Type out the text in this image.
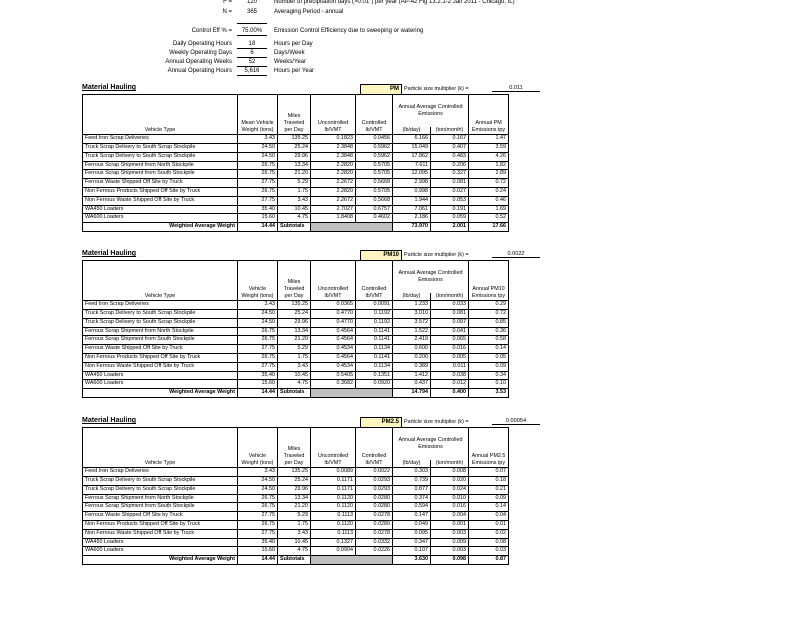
F =	120	Number of precipitation days (>0.01") per year (AP-42 Fig 13.2.1-2 Jan 2011 - Chicago, IL)
N =	365	Averaging Period - annual
Control Eff % =	75.00%	Emission Control Efficiency due to sweeping or watering
Daily Operating Hours	18	Hours per Day
Weekly Operating Days	6	Days/Week
Annual Operating Weeks	52	Weeks/Year
Annual Operating Hours	5,616	Hours per Year
Material Hauling	PM Particle size multiplier (k) =	0.011
Vehicle Type	Mean Vehicle Weight (tons)	Miles Traveled per Day	Uncontrolled lb/VMT	Controlled lb/VMT	Annual Average Controlled Emissions		Annual PM Emissions tpy
					(lb/day)	(ton/month)	
Feed Iron Scrap Deliveries	3.43	135.25	0.1823	0.0456	6.166	0.167	1.47
Truck Scrap Delivery to South Scrap Stockpile	24.50	25.24	2.3848	0.5962	15.049	0.407	3.59
Truck Scrap Delivery to South Scrap Stockpile	24.50	29.96	2.3848	0.5962	17.862	0.483	4.26
Ferrous Scrap Shipment from North Stockpile	26.75	13.34	2.2820	0.5705	7.611	0.206	1.82
Ferrous Scrap Shipment from South Stockpile	26.75	21.20	2.2820	0.5705	12.095	0.327	2.89
Ferrous Waste Shipped Off Site by Truck	27.75	5.29	2.2672	0.5668	2.998	0.081	0.72
Non Ferrous Products Shipped Off Site by Truck	26.75	1.75	2.2820	0.5705	0.998	0.027	0.24
Non Ferrous Waste Shipped Off Site by Truck	27.75	3.43	2.2672	0.5668	1.944	0.053	0.46
WA450 Loaders	35.40	10.45	2.7027	0.6757	7.061	0.191	1.69
WA600 Loaders	15.60	4.75	1.8408	0.4602	2.186	0.059	0.52
Weighted Average Weight	14.44	Subtotals			73.970	2.001	17.66
Material Hauling	PM10 Particle size multiplier (k) =	0.0022
Vehicle Type	Vehicle Weight (tons)	Miles Traveled per Day	Uncontrolled lb/VMT	Controlled lb/VMT	Annual Average Controlled Emissions		Annual PM10 Emissions tpy
					(lb/day)	(ton/month)	
Feed Iron Scrap Deliveries	3.43	135.25	0.0365	0.0091	1.233	0.033	0.29
Truck Scrap Delivery to South Scrap Stockpile	24.50	25.24	0.4770	0.1192	3.010	0.081	0.72
Truck Scrap Delivery to South Scrap Stockpile	24.50	29.96	0.4770	0.1192	3.572	0.097	0.85
Ferrous Scrap Shipment from North Stockpile	26.75	13.34	0.4564	0.1141	1.522	0.041	0.36
Ferrous Scrap Shipment from South Stockpile	26.75	21.20	0.4564	0.1141	2.419	0.065	0.58
Ferrous Waste Shipped Off Site by Truck	27.75	5.29	0.4534	0.1134	0.600	0.016	0.14
Non Ferrous Products Shipped Off Site by Truck	26.75	1.75	0.4564	0.1141	0.200	0.005	0.05
Non Ferrous Waste Shipped Off Site by Truck	27.75	3.43	0.4534	0.1134	0.389	0.011	0.09
WA450 Loaders	35.40	10.45	0.5405	0.1351	1.412	0.038	0.34
WA600 Loaders	15.60	4.75	0.3682	0.0920	0.437	0.012	0.10
Weighted Average Weight	14.44	Subtotals			14.794	0.400	3.53
Material Hauling	PM2.5 Particle size multiplier (k) =	0.00054
Vehicle Type	Vehicle Weight (tons)	Miles Traveled per Day	Uncontrolled lb/VMT	Controlled lb/VMT	Annual Average Controlled Emissions		Annual PM2.5 Emissions tpy
					(lb/day)	(ton/month)	
Feed Iron Scrap Deliveries	3.43	135.25	0.0089	0.0022	0.303	0.008	0.07
Truck Scrap Delivery to South Scrap Stockpile	24.50	25.24	0.1171	0.0293	0.739	0.020	0.18
Truck Scrap Delivery to South Scrap Stockpile	24.50	29.96	0.1171	0.0293	0.877	0.024	0.21
Ferrous Scrap Shipment from North Stockpile	26.75	13.34	0.1120	0.0280	0.374	0.010	0.09
Ferrous Scrap Shipment from South Stockpile	26.75	21.20	0.1120	0.0280	0.594	0.016	0.14
Ferrous Waste Shipped Off Site by Truck	27.75	5.29	0.1113	0.0278	0.147	0.004	0.04
Non Ferrous Products Shipped Off Site by Truck	26.75	1.75	0.1120	0.0280	0.049	0.001	0.01
Non Ferrous Waste Shipped Off Site by Truck	27.75	3.43	0.1113	0.0278	0.095	0.003	0.02
WA450 Loaders	35.40	10.45	0.1327	0.0332	0.347	0.009	0.08
WA600 Loaders	15.60	4.75	0.0904	0.0226	0.107	0.003	0.03
Weighted Average Weight	14.44	Subtotals			3.630	0.098	0.87
